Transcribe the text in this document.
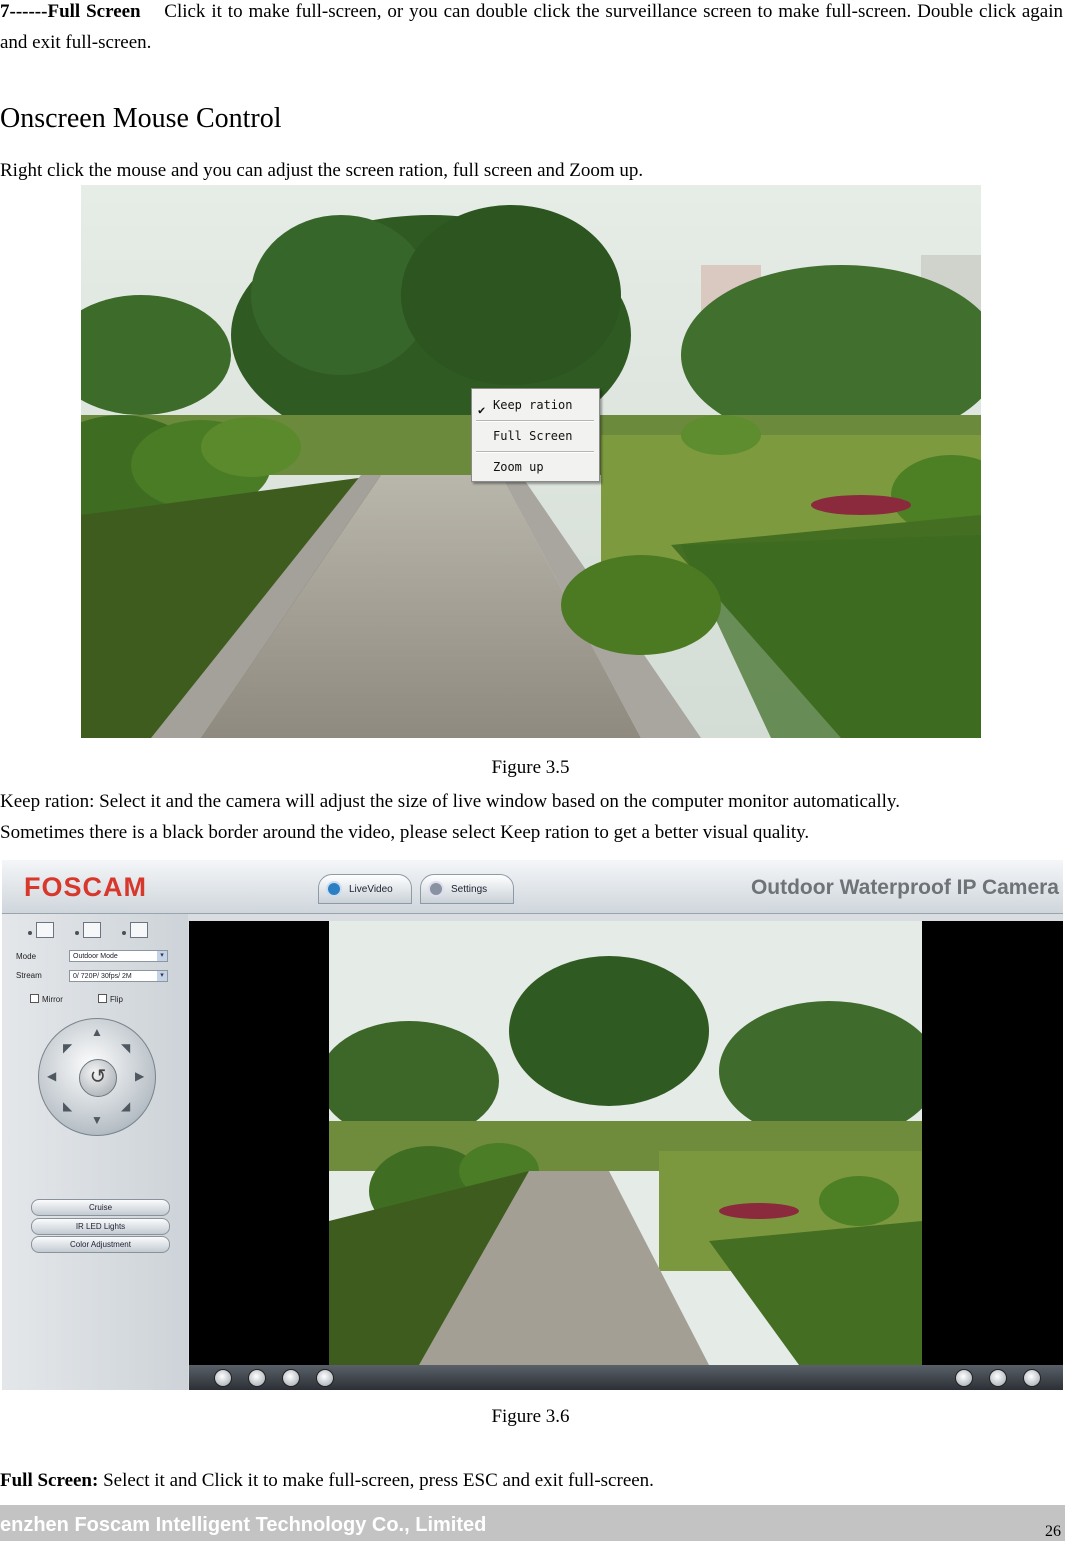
7------Full Screen Click it to make full-screen, or you can double click the surveillance screen to make full-screen. Double click again and exit full-screen.
Onscreen Mouse Control
Right click the mouse and you can adjust the screen ration, full screen and Zoom up.
✔ Keep ration
Full Screen
Zoom up
Figure 3.5
Keep ration: Select it and the camera will adjust the size of live window based on the computer monitor automatically.
Sometimes there is a black border around the video, please select Keep ration to get a better visual quality.
FOSCAM	LiveVideo	Settings	Outdoor Waterproof IP Camera
Mode	Outdoor Mode	▾
Stream	0/ 720P/ 30fps/ 2M	▾
Mirror	Flip
▲
▼
◀	▶
◤	◥
◣	◢
↺
Cruise
IR LED Lights
Color Adjustment
Figure 3.6
Full Screen: Select it and Click it to make full-screen, press ESC and exit full-screen.
enzhen Foscam Intelligent Technology Co., Limited	26
